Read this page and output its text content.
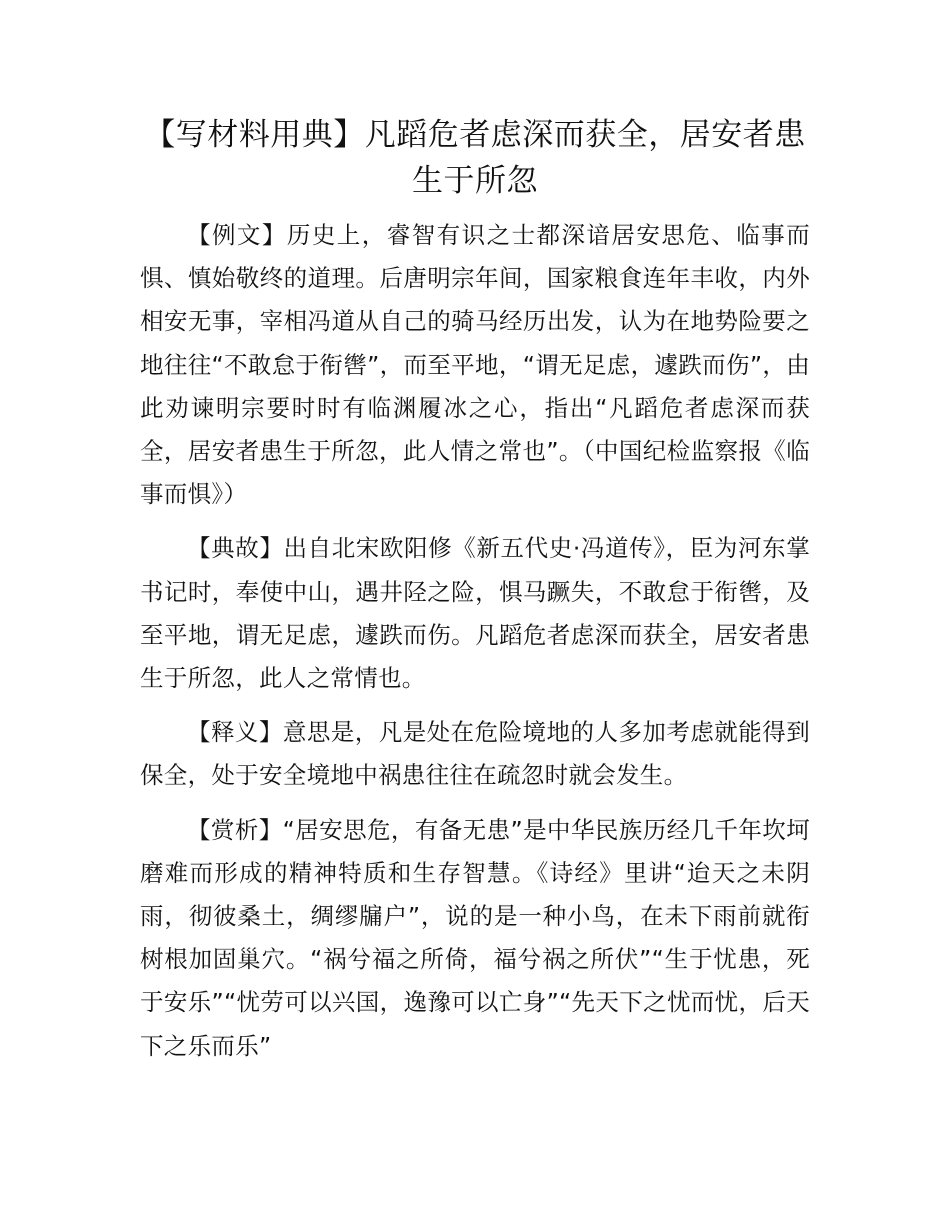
【写材料用典】凡蹈危者虑深而获全，居安者患生于所忽

【例文】历史上，睿智有识之士都深谙居安思危、临事而惧、慎始敬终的道理。后唐明宗年间，国家粮食连年丰收，内外相安无事，宰相冯道从自己的骑马经历出发，认为在地势险要之地往往“不敢怠于衔辔”，而至平地，“谓无足虑，遽跌而伤”，由此劝谏明宗要时时有临渊履冰之心，指出“凡蹈危者虑深而获全，居安者患生于所忽，此人情之常也”。（中国纪检监察报《临事而惧》）

【典故】出自北宋欧阳修《新五代史·冯道传》，臣为河东掌书记时，奉使中山，遇井陉之险，惧马蹶失，不敢怠于衔辔，及至平地，谓无足虑，遽跌而伤。凡蹈危者虑深而获全，居安者患生于所忽，此人之常情也。

【释义】意思是，凡是处在危险境地的人多加考虑就能得到保全，处于安全境地中祸患往往在疏忽时就会发生。

【赏析】“居安思危，有备无患”是中华民族历经几千年坎坷磨难而形成的精神特质和生存智慧。《诗经》里讲“迨天之未阴雨，彻彼桑土，绸缪牖户”，说的是一种小鸟，在未下雨前就衔树根加固巢穴。“祸兮福之所倚，福兮祸之所伏”“生于忧患，死于安乐”“忧劳可以兴国，逸豫可以亡身”“先天下之忧而忧，后天下之乐而乐”
